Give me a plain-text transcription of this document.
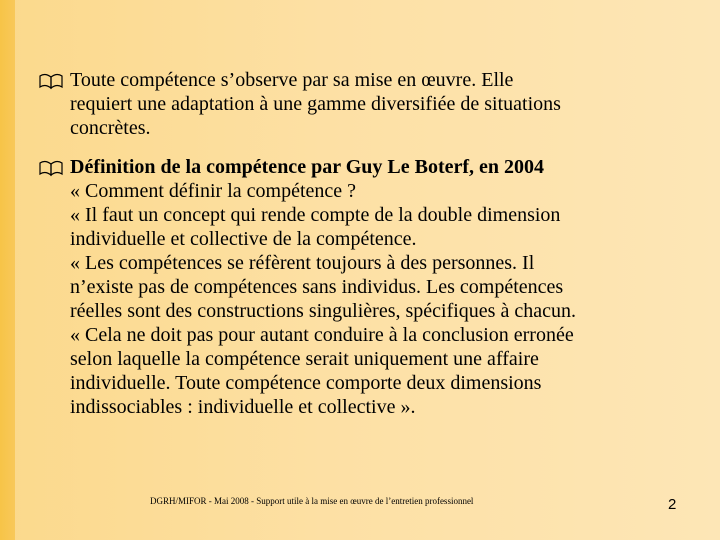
Toute compétence s’observe par sa mise en œuvre. Elle
requiert une adaptation à une gamme diversifiée de situations
concrètes.
Définition de la compétence par Guy Le Boterf, en 2004
« Comment définir la compétence ?
« Il faut un concept qui rende compte de la double dimension
individuelle et collective de la compétence.
« Les compétences se réfèrent toujours à des personnes. Il
n’existe pas de compétences sans individus. Les compétences
réelles sont des constructions singulières, spécifiques à chacun.
« Cela ne doit pas pour autant conduire à la conclusion erronée
selon laquelle la compétence serait uniquement une affaire
individuelle. Toute compétence comporte deux dimensions
indissociables : individuelle et collective ».
DGRH/MIFOR - Mai 2008 - Support utile à la mise en œuvre de l’entretien professionnel	2
